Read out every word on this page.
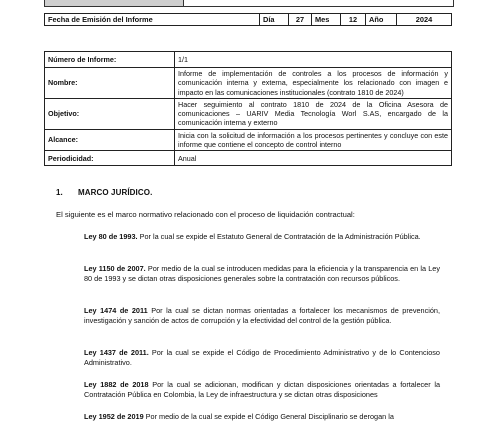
Fecha de Emisión del Informe	Día	27	Mes	12	Año	2024
Número de Informe:	1/1
Nombre:	Informe de implementación de controles a los procesos de información y comunicación interna y externa, especialmente los relacionado con imagen e impacto en las comunicaciones institucionales (contrato 1810 de 2024)
Objetivo:	Hacer seguimiento al contrato 1810 de 2024 de la Oficina Asesora de comunicaciones – UARIV Media Tecnología Worl S.AS, encargado de la comunicación interna y externo
Alcance:	Inicia con la solicitud de información a los procesos pertinentes y concluye con este informe que contiene el concepto de control interno
Periodicidad:	Anual
1. MARCO JURÍDICO.
El siguiente es el marco normativo relacionado con el proceso de liquidación contractual:
Ley 80 de 1993. Por la cual se expide el Estatuto General de Contratación de la Administración Pública.
Ley 1150 de 2007. Por medio de la cual se introducen medidas para la eficiencia y la transparencia en la Ley 80 de 1993 y se dictan otras disposiciones generales sobre la contratación con recursos públicos.
Ley 1474 de 2011 Por la cual se dictan normas orientadas a fortalecer los mecanismos de prevención, investigación y sanción de actos de corrupción y la efectividad del control de la gestión pública.
Ley 1437 de 2011. Por la cual se expide el Código de Procedimiento Administrativo y de lo Contencioso Administrativo.
Ley 1882 de 2018 Por la cual se adicionan, modifican y dictan disposiciones orientadas a fortalecer la Contratación Pública en Colombia, la Ley de infraestructura y se dictan otras disposiciones
Ley 1952 de 2019 Por medio de la cual se expide el Código General Disciplinario se derogan la
